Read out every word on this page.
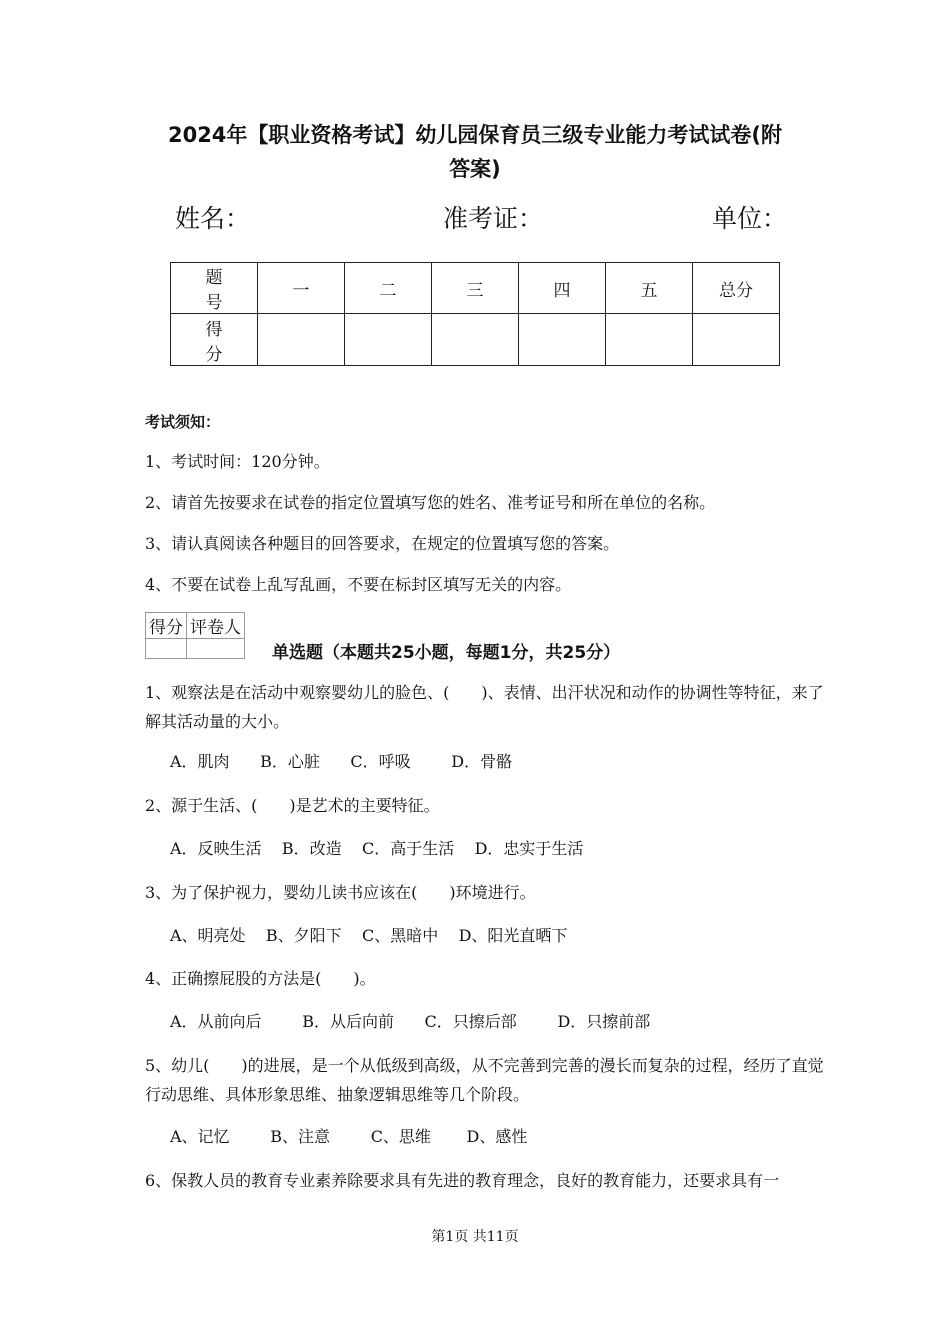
2024年【职业资格考试】幼儿园保育员三级专业能力考试试卷(附
答案)
姓名：	准考证：	单位：
题 号	一	二	三	四	五	总分
得 分						
考试须知：
1、考试时间：120分钟。
2、请首先按要求在试卷的指定位置填写您的姓名、准考证号和所在单位的名称。
3、请认真阅读各种题目的回答要求，在规定的位置填写您的答案。
4、不要在试卷上乱写乱画，不要在标封区填写无关的内容。
得分	评卷人

单选题（本题共25小题，每题1分，共25分）
1、观察法是在活动中观察婴幼儿的脸色、(　　)、表情、出汗状况和动作的协调性等特征，来了解其活动量的大小。
A．肌肉      B．心脏      C．呼吸        D．骨骼
2、源于生活、(　　)是艺术的主要特征。
A．反映生活    B．改造    C．高于生活    D．忠实于生活
3、为了保护视力，婴幼儿读书应该在(　　)环境进行。
A、明亮处    B、夕阳下    C、黑暗中    D、阳光直晒下
4、正确擦屁股的方法是(　　)。
A．从前向后        B．从后向前      C．只擦后部        D．只擦前部
5、幼儿(　　)的进展，是一个从低级到高级，从不完善到完善的漫长而复杂的过程，经历了直觉行动思维、具体形象思维、抽象逻辑思维等几个阶段。
A、记忆        B、注意        C、思维       D、感性
6、保教人员的教育专业素养除要求具有先进的教育理念，良好的教育能力，还要求具有一
第1页 共11页
